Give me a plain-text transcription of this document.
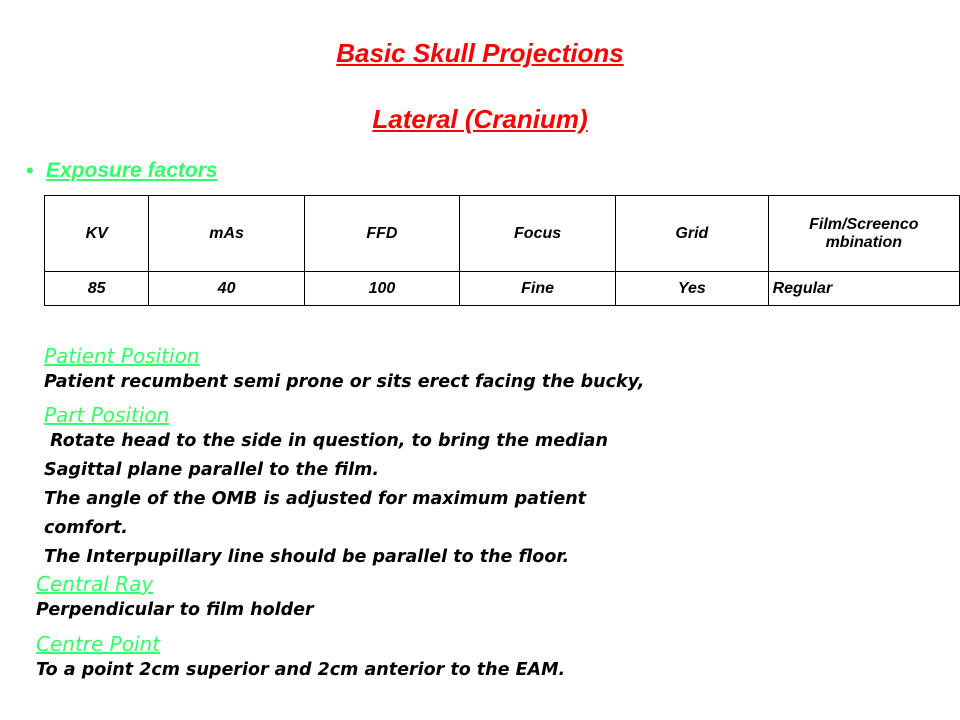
Basic Skull Projections
Lateral (Cranium)
• Exposure factors
KV	mAs	FFD	Focus	Grid	Film/Screenco mbination
85	40	100	Fine	Yes	Regular
Patient Position
Patient recumbent semi prone or sits erect facing the bucky,
Part Position
Rotate head to the side in question, to bring the median
Sagittal plane parallel to the film.
The angle of the OMB is adjusted for maximum patient
comfort.
The Interpupillary line should be parallel to the floor.
Central Ray
Perpendicular to film holder
Centre Point
To a point 2cm superior and 2cm anterior to the EAM.
